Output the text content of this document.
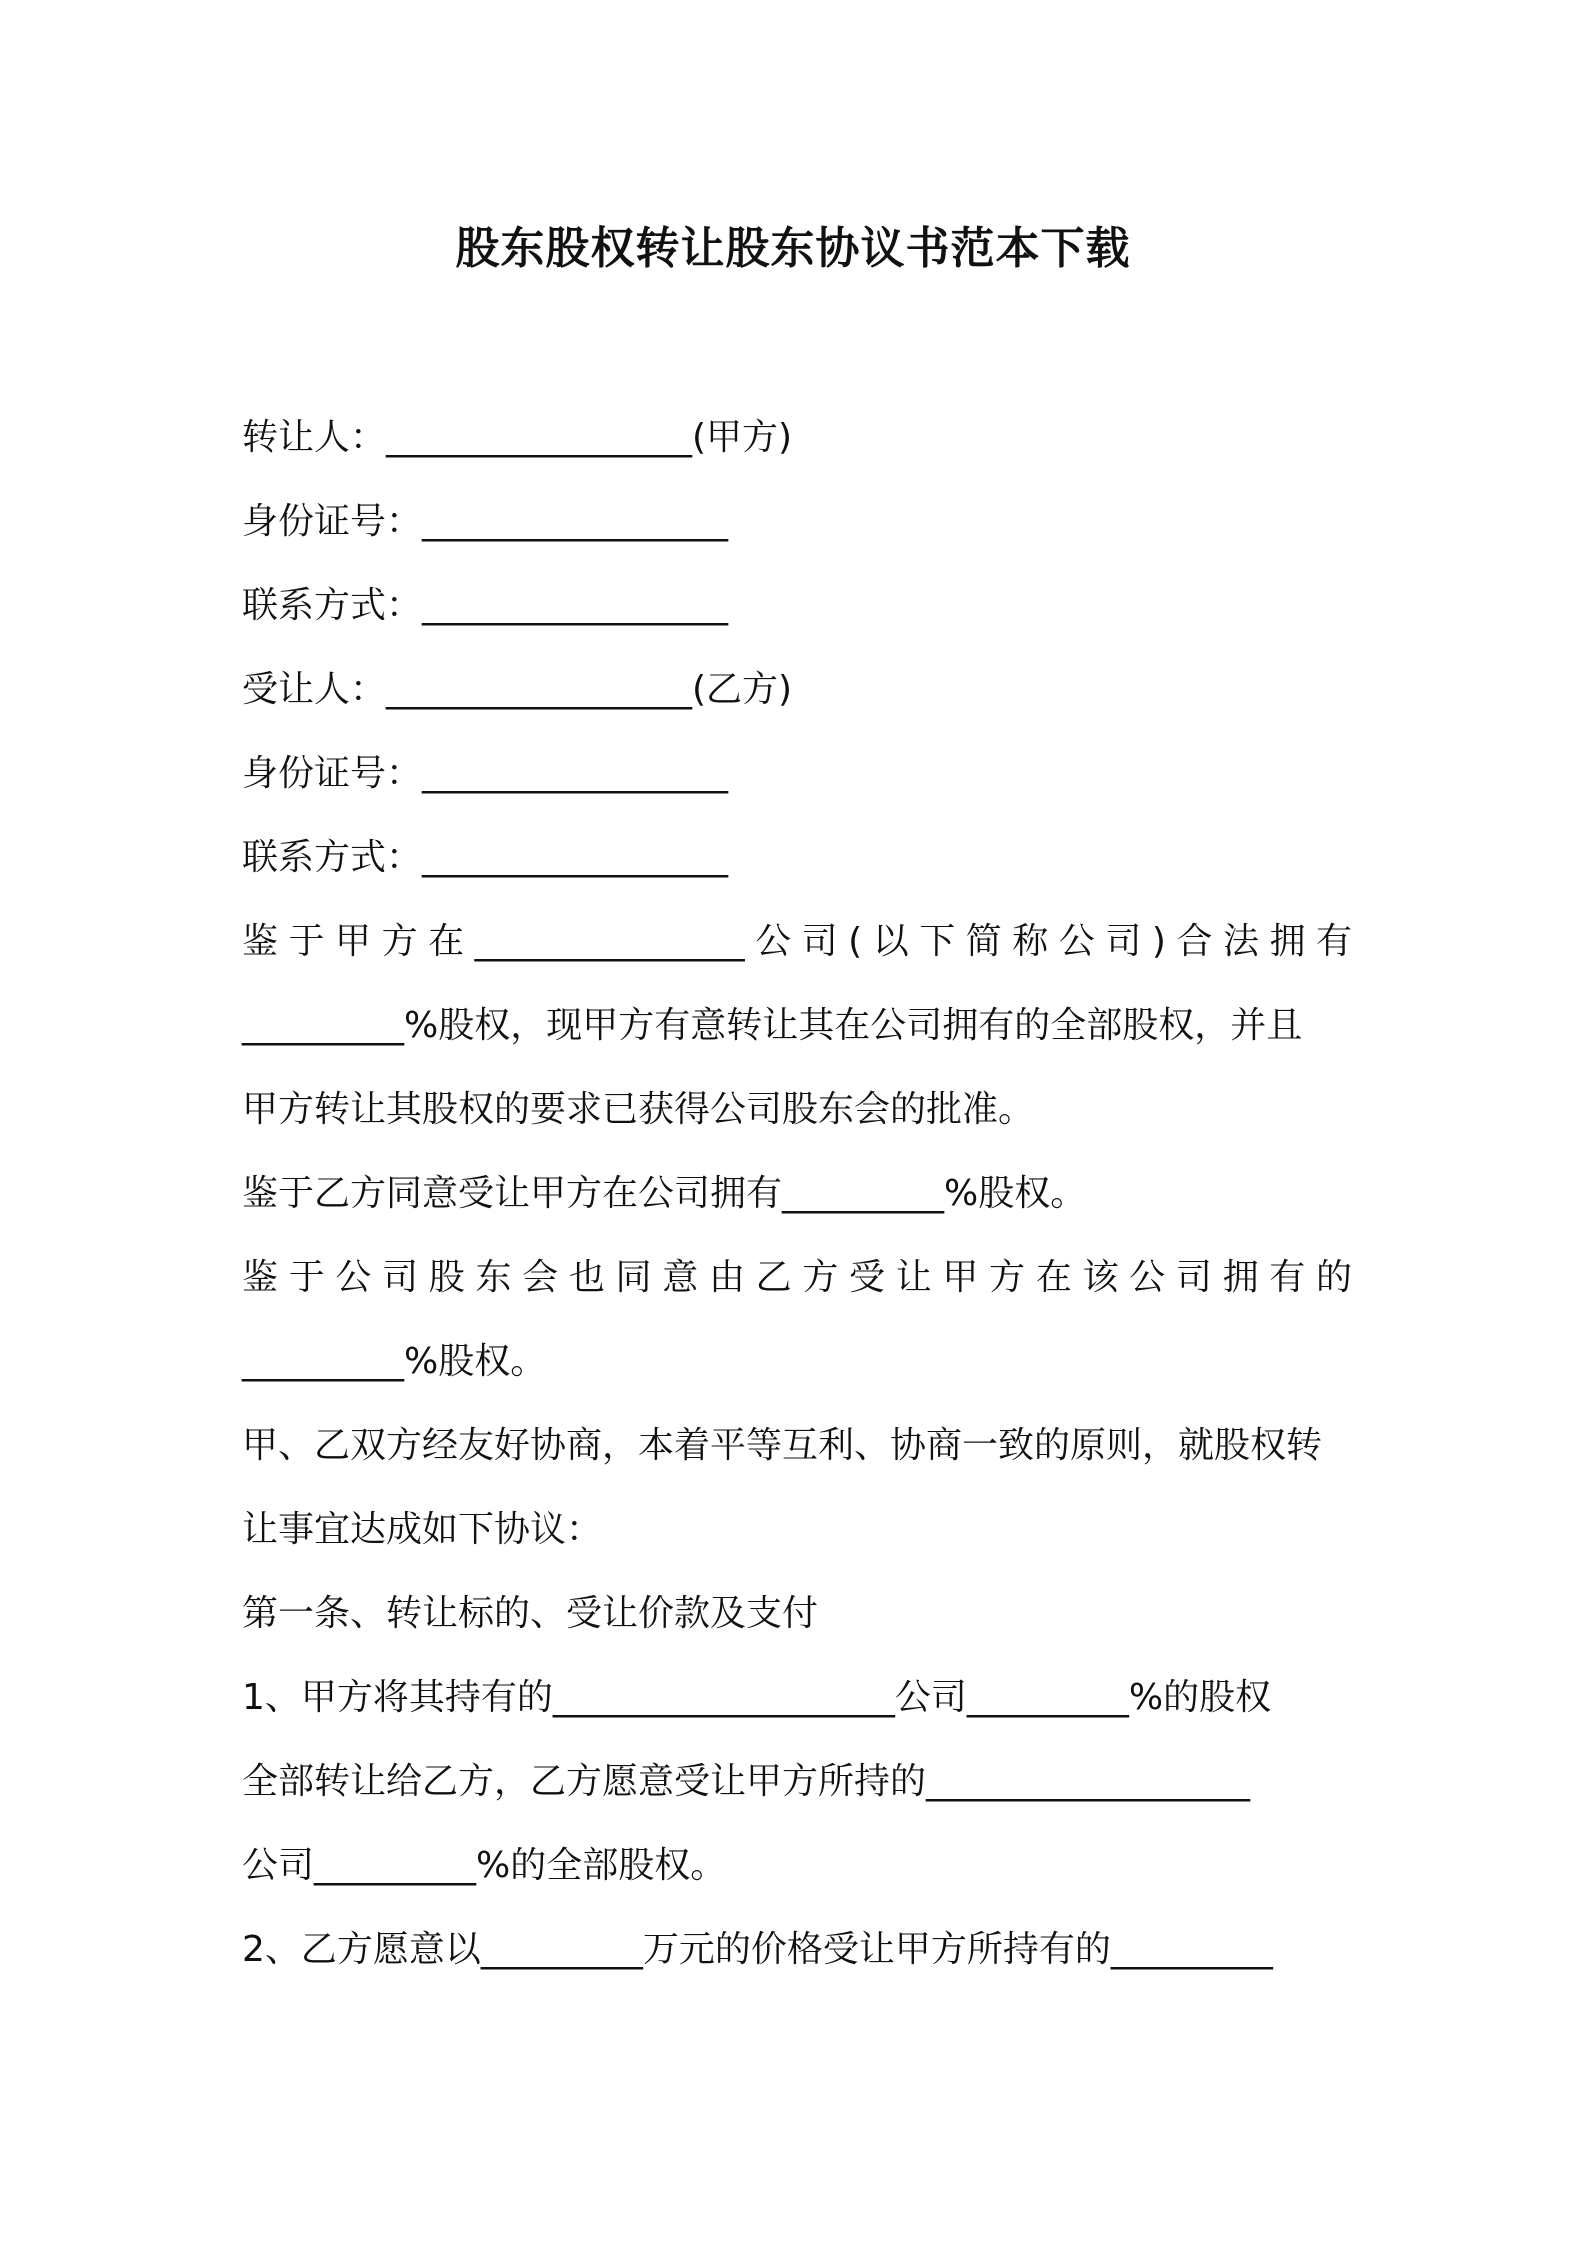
股东股权转让股东协议书范本下载
转让人：_________________(甲方)
身份证号：_________________
联系方式：_________________
受让人：_________________(乙方)
身份证号：_________________
联系方式：_________________
鉴于甲方在_______________公司(以下简称公司)合法拥有
_________%股权，现甲方有意转让其在公司拥有的全部股权，并且
甲方转让其股权的要求已获得公司股东会的批准。
鉴于乙方同意受让甲方在公司拥有_________%股权。
鉴于公司股东会也同意由乙方受让甲方在该公司拥有的
_________%股权。
甲、乙双方经友好协商，本着平等互利、协商一致的原则，就股权转
让事宜达成如下协议：
第一条、转让标的、受让价款及支付
1、甲方将其持有的___________________公司_________%的股权
全部转让给乙方，乙方愿意受让甲方所持的__________________
公司_________%的全部股权。
2、乙方愿意以_________万元的价格受让甲方所持有的_________
